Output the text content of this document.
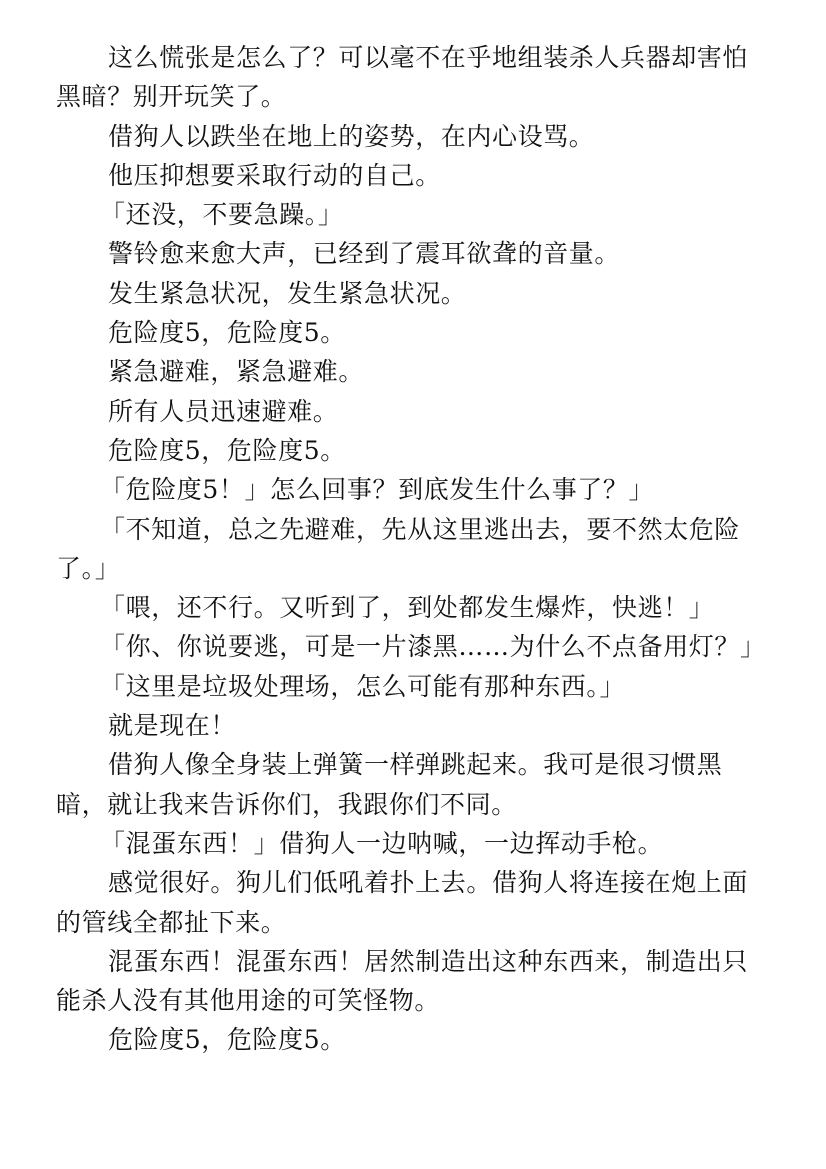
这么慌张是怎么了？可以毫不在乎地组装杀人兵器却害怕黑暗？别开玩笑了。

借狗人以跌坐在地上的姿势，在内心设骂。

他压抑想要采取行动的自己。

「还没，不要急躁。」

警铃愈来愈大声，已经到了震耳欲聋的音量。

发生紧急状况，发生紧急状况。

危险度5，危险度5。

紧急避难，紧急避难。

所有人员迅速避难。

危险度5，危险度5。

「危险度5！」怎么回事？到底发生什么事了？」

「不知道，总之先避难，先从这里逃出去，要不然太危险了。」

「喂，还不行。又听到了，到处都发生爆炸，快逃！」

「你、你说要逃，可是一片漆黑……为什么不点备用灯？」

「这里是垃圾处理场，怎么可能有那种东西。」

就是现在！

借狗人像全身装上弹簧一样弹跳起来。我可是很习惯黑暗，就让我来告诉你们，我跟你们不同。

「混蛋东西！」借狗人一边呐喊，一边挥动手枪。

感觉很好。狗儿们低吼着扑上去。借狗人将连接在炮上面的管线全都扯下来。

混蛋东西！混蛋东西！居然制造出这种东西来，制造出只能杀人没有其他用途的可笑怪物。

危险度5，危险度5。
